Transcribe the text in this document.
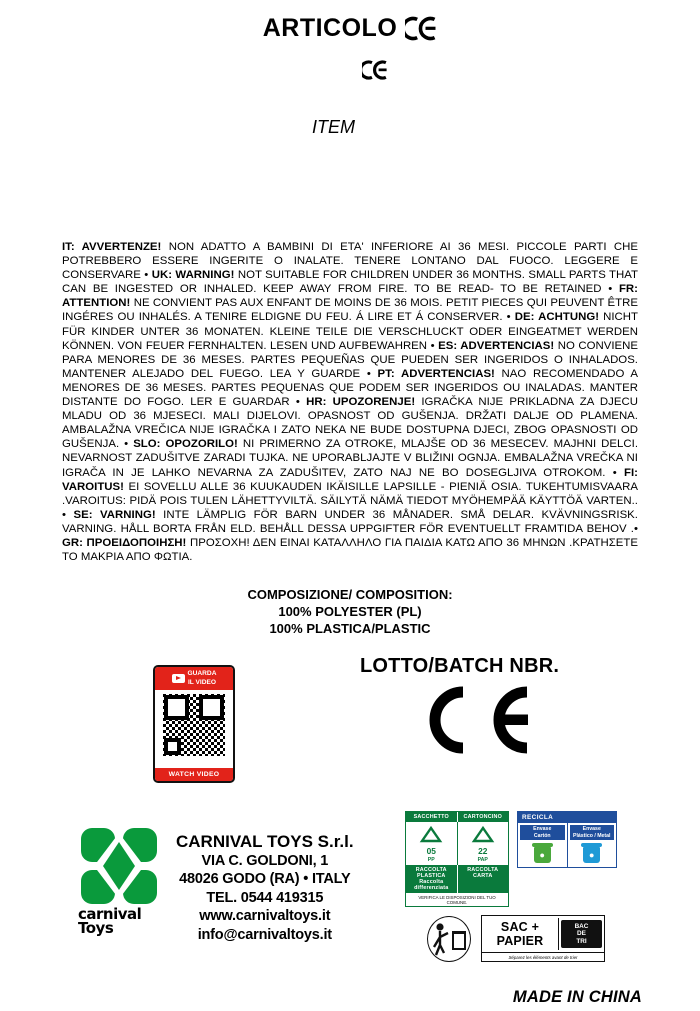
ARTICOLO
ITEM
IT: AVVERTENZE! NON ADATTO A BAMBINI DI ETA' INFERIORE AI 36 MESI. PICCOLE PARTI CHE POTREBBERO ESSERE INGERITE O INALATE. TENERE LONTANO DAL FUOCO. LEGGERE E CONSERVARE • UK: WARNING! NOT SUITABLE FOR CHILDREN UNDER 36 MONTHS. SMALL PARTS THAT CAN BE INGESTED OR INHALED. KEEP AWAY FROM FIRE. TO BE READ- TO BE RETAINED • FR: ATTENTION! NE CONVIENT PAS AUX ENFANT DE MOINS DE 36 MOIS. PETIT PIECES QUI PEUVENT ÊTRE INGÉRES OU INHALÉS. A TENIRE ELDIGNE DU FEU. Á LIRE ET Á CONSERVER. • DE: ACHTUNG! NICHT FÜR KINDER UNTER 36 MONATEN. KLEINE TEILE DIE VERSCHLUCKT ODER EINGEATMET WERDEN KÖNNEN. VON FEUER FERNHALTEN. LESEN UND AUFBEWAHREN • ES: ADVERTENCIAS! NO CONVIENE PARA MENORES DE 36 MESES. PARTES PEQUEÑAS QUE PUEDEN SER INGERIDOS O INHALADOS. MANTENER ALEJADO DEL FUEGO. LEA Y GUARDE • PT: ADVERTENCIAS! NAO RECOMENDADO A MENORES DE 36 MESES. PARTES PEQUENAS QUE PODEM SER INGERIDOS OU INALADAS. MANTER DISTANTE DO FOGO. LER E GUARDAR • HR: UPOZORENJE! IGRAČKA NIJE PRIKLADNA ZA DJECU MLADU OD 36 MJESECI. MALI DIJELOVI. OPASNOST OD GUŠENJA. DRŽATI DALJE OD PLAMENA. AMBALAŽNA VREČICA NIJE IGRAČKA I ZATO NEKA NE BUDE DOSTUPNA DJECI, ZBOG OPASNOSTI OD GUŠENJA. • SLO: OPOZORILO! NI PRIMERNO ZA OTROKE, MLAJŠE OD 36 MESECEV. MAJHNI DELCI. NEVARNOST ZADUŠITVE ZARADI TUJKA. NE UPORABLJAJTE V BLIŽINI OGNJA. EMBALAŽNA VREČKA NI IGRAČA IN JE LAHKO NEVARNA ZA ZADUŠITEV, ZATO NAJ NE BO DOSEGLJIVA OTROKOM. • FI: VAROITUS! EI SOVELLU ALLE 36 KUUKAUDEN IKÄISILLE LAPSILLE - PIENIÄ OSIA. TUKEHTUMISVAARA .VAROITUS: PIDÄ POIS TULEN LÄHETTYVILTÄ. SÄILYTÄ NÄMÄ TIEDOT MYÖHEMPÄÄ KÄYTTÖÄ VARTEN.. • SE: VARNING! INTE LÄMPLIG FÖR BARN UNDER 36 MÅNADER. SMÅ DELAR. KVÄVNINGSRISK. VARNING. HÅLL BORTA FRÅN ELD. BEHÅLL DESSA UPPGIFTER FÖR EVENTUELLT FRAMTIDA BEHOV .• GR: ΠΡΟΕΙΔΟΠΟΙΗΣΗ! ΠΡΟΣΟΧΗ! ΔΕΝ ΕΙΝΑΙ ΚΑΤΑΛΛΗΛΟ ΓΙΑ ΠΑΙΔΙΑ ΚΑΤΩ ΑΠΟ 36 ΜΗΝΩΝ .ΚΡΑΤΗΣΕΤΕ ΤΟ ΜΑΚΡΙΑ ΑΠΟ ΦΩΤΙΑ.
COMPOSIZIONE/ COMPOSITION:
100% POLYESTER (PL)
100% PLASTICA/PLASTIC
GUARDA
IL VIDEO
WATCH VIDEO
LOTTO/BATCH NBR.
carnival
Toys
CARNIVAL TOYS S.r.l.
VIA C. GOLDONI, 1
48026 GODO (RA) • ITALY
TEL. 0544 419315
www.carnivaltoys.it
info@carnivaltoys.it
SACCHETTO	CARTONCINO
05
PP
22
PAP
RACCOLTA PLASTICA
Raccolta differenziata
RACCOLTA CARTA
VERIFICA LE DISPOSIZIONI DEL TUO COMUNE.
RECICLA
Envase
Cartón
●
Envase
Plástico / Metal
●
SAC +
PAPIER
BAC
DE
TRI
Séparez les éléments avant de trier
MADE IN CHINA
